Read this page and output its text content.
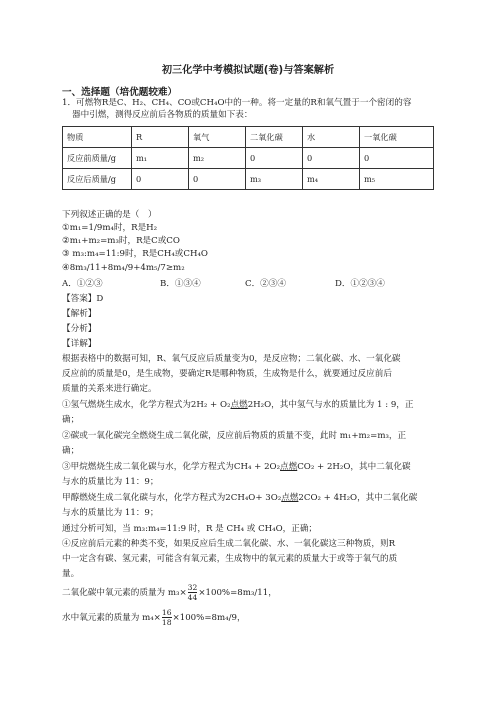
初三化学中考模拟试题(卷)与答案解析
一、选择题（培优题较难）
1．可燃物R是C、H₂、CH₄、CO或CH₄O中的一种。将一定量的R和氧气置于一个密闭的容
器中引燃，测得反应前后各物质的质量如下表：
物质	R	氧气	二氧化碳	水	一氧化碳
反应前质量/g	m₁	m₂	0	0	0
反应后质量/g	0	0	m₃	m₄	m₅
下列叙述正确的是（　）
①m₁=1/9m₄时，R是H₂
②m₁+m₂=m₃时，R是C或CO
③ m₃:m₄=11:9时，R是CH₄或CH₄O
④8m₃/11+8m₄/9+4m₅/7≥m₂
A．①②③	B．①③④	C．②③④	D．①②③④
【答案】D
【解析】
【分析】
【详解】
根据表格中的数据可知，R、氧气反应后质量变为0，是反应物；二氧化碳、水、一氧化碳
反应前的质量是0，是生成物，要确定R是哪种物质，生成物是什么，就要通过反应前后
质量的关系来进行确定。
①氢气燃烧生成水，化学方程式为2H₂ + O₂点燃2H₂O，其中氢气与水的质量比为 1 : 9，正
确；
②碳或一氧化碳完全燃烧生成二氧化碳，反应前后物质的质量不变，此时 m₁+m₂=m₃，正
确；
③甲烷燃烧生成二氧化碳与水，化学方程式为CH₄ + 2O₂点燃CO₂ + 2H₂O，其中二氧化碳
与水的质量比为 11：9；
甲醇燃烧生成二氧化碳与水，化学方程式为2CH₄O+ 3O₂点燃2CO₂ + 4H₂O，其中二氧化碳
与水的质量比为 11：9；
通过分析可知，当 m₃:m₄=11:9 时，R 是 CH₄ 或 CH₄O，正确；
④反应前后元素的种类不变，如果反应后生成二氧化碳、水、一氧化碳这三种物质，则R
中一定含有碳、氢元素，可能含有氧元素，生成物中的氧元素的质量大于或等于氧气的质
量。
二氧化碳中氧元素的质量为 $m_3\times \frac{32}{44} \times 100\%=8m_3/11$，
水中氧元素的质量为 $m_4\times \frac{16}{18} \times 100\%=8m_4/9$，
